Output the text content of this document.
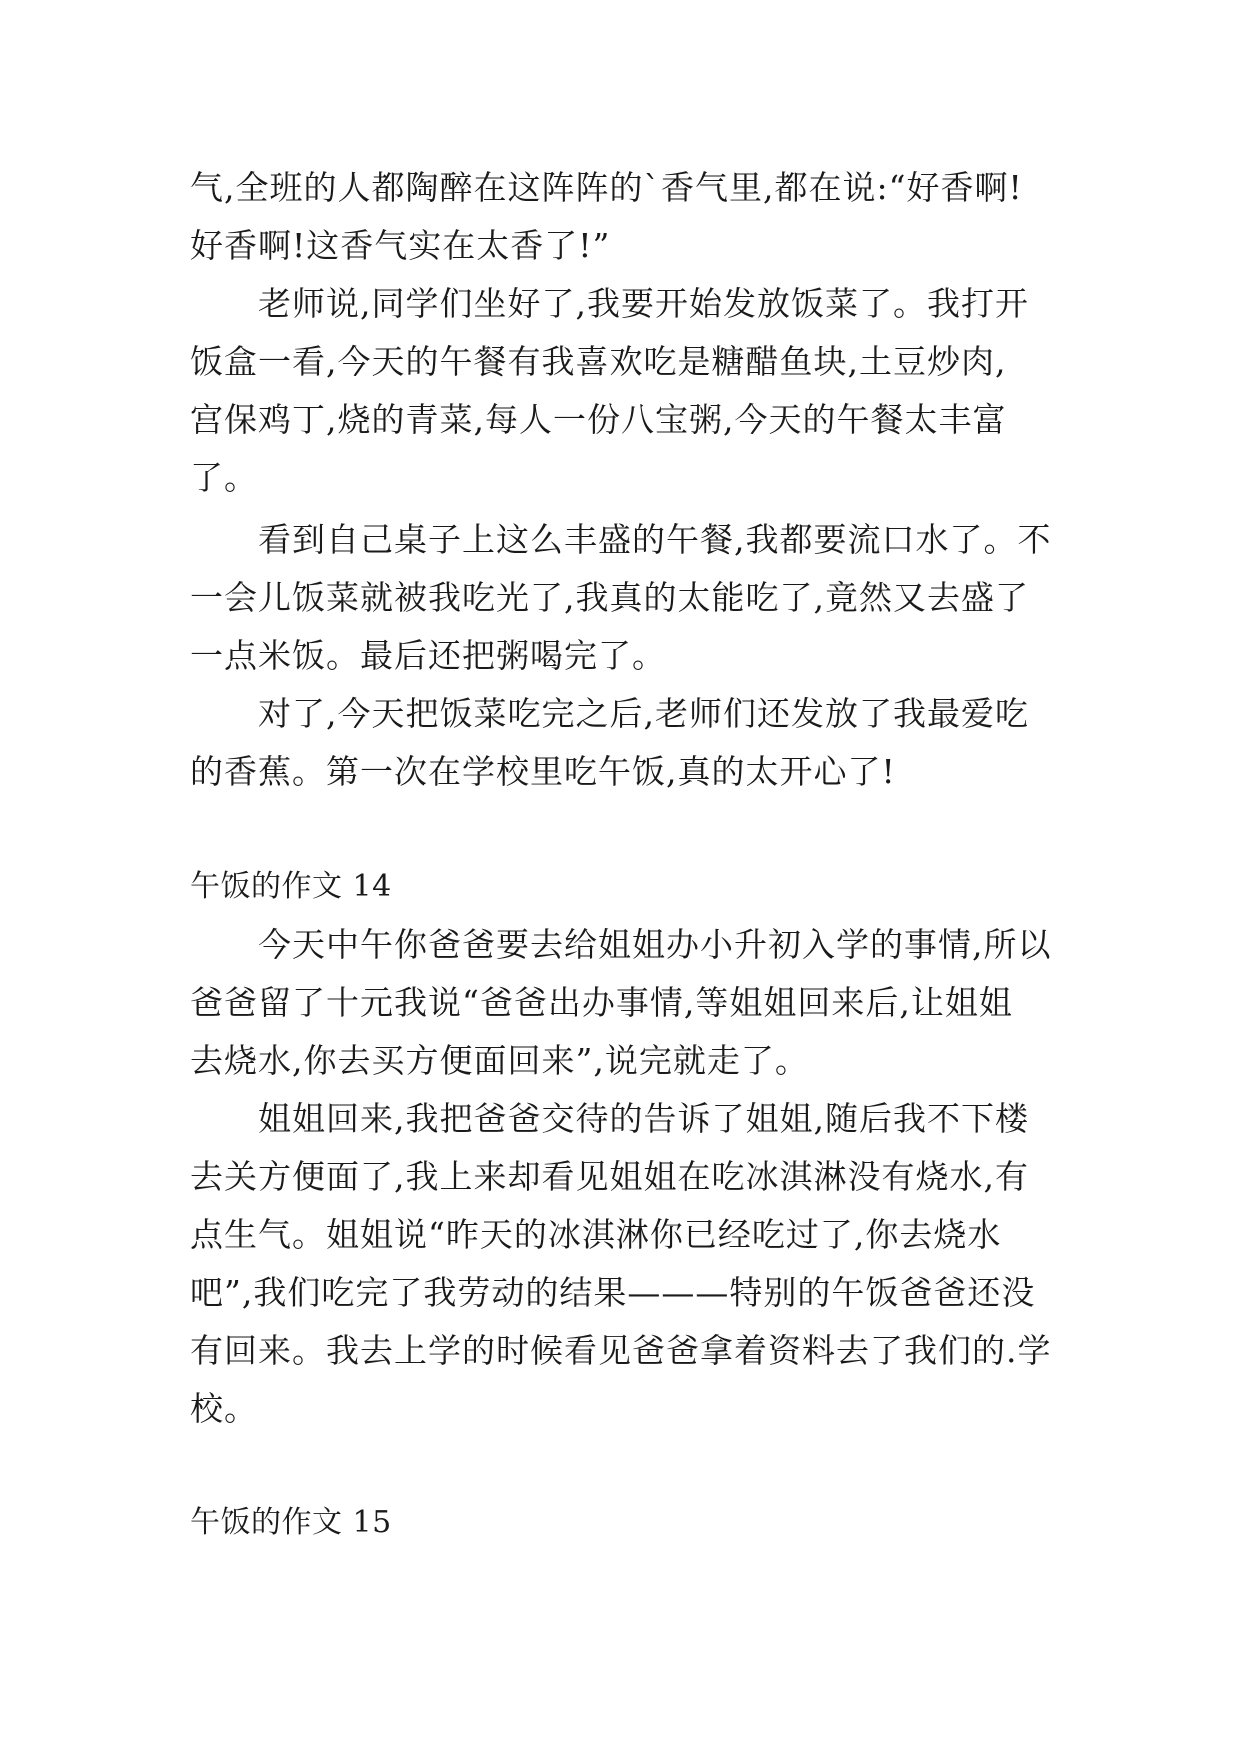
气,全班的人都陶醉在这阵阵的`香气里,都在说:“好香啊!
好香啊!这香气实在太香了!”
老师说,同学们坐好了,我要开始发放饭菜了。我打开
饭盒一看,今天的午餐有我喜欢吃是糖醋鱼块,土豆炒肉,
宫保鸡丁,烧的青菜,每人一份八宝粥,今天的午餐太丰富
了。
看到自己桌子上这么丰盛的午餐,我都要流口水了。不
一会儿饭菜就被我吃光了,我真的太能吃了,竟然又去盛了
一点米饭。最后还把粥喝完了。
对了,今天把饭菜吃完之后,老师们还发放了我最爱吃
的香蕉。第一次在学校里吃午饭,真的太开心了!
午饭的作文 14
今天中午你爸爸要去给姐姐办小升初入学的事情,所以
爸爸留了十元我说“爸爸出办事情,等姐姐回来后,让姐姐
去烧水,你去买方便面回来”,说完就走了。
姐姐回来,我把爸爸交待的告诉了姐姐,随后我不下楼
去关方便面了,我上来却看见姐姐在吃冰淇淋没有烧水,有
点生气。姐姐说“昨天的冰淇淋你已经吃过了,你去烧水
吧”,我们吃完了我劳动的结果———特别的午饭爸爸还没
有回来。我去上学的时候看见爸爸拿着资料去了我们的.学
校。
午饭的作文 15
